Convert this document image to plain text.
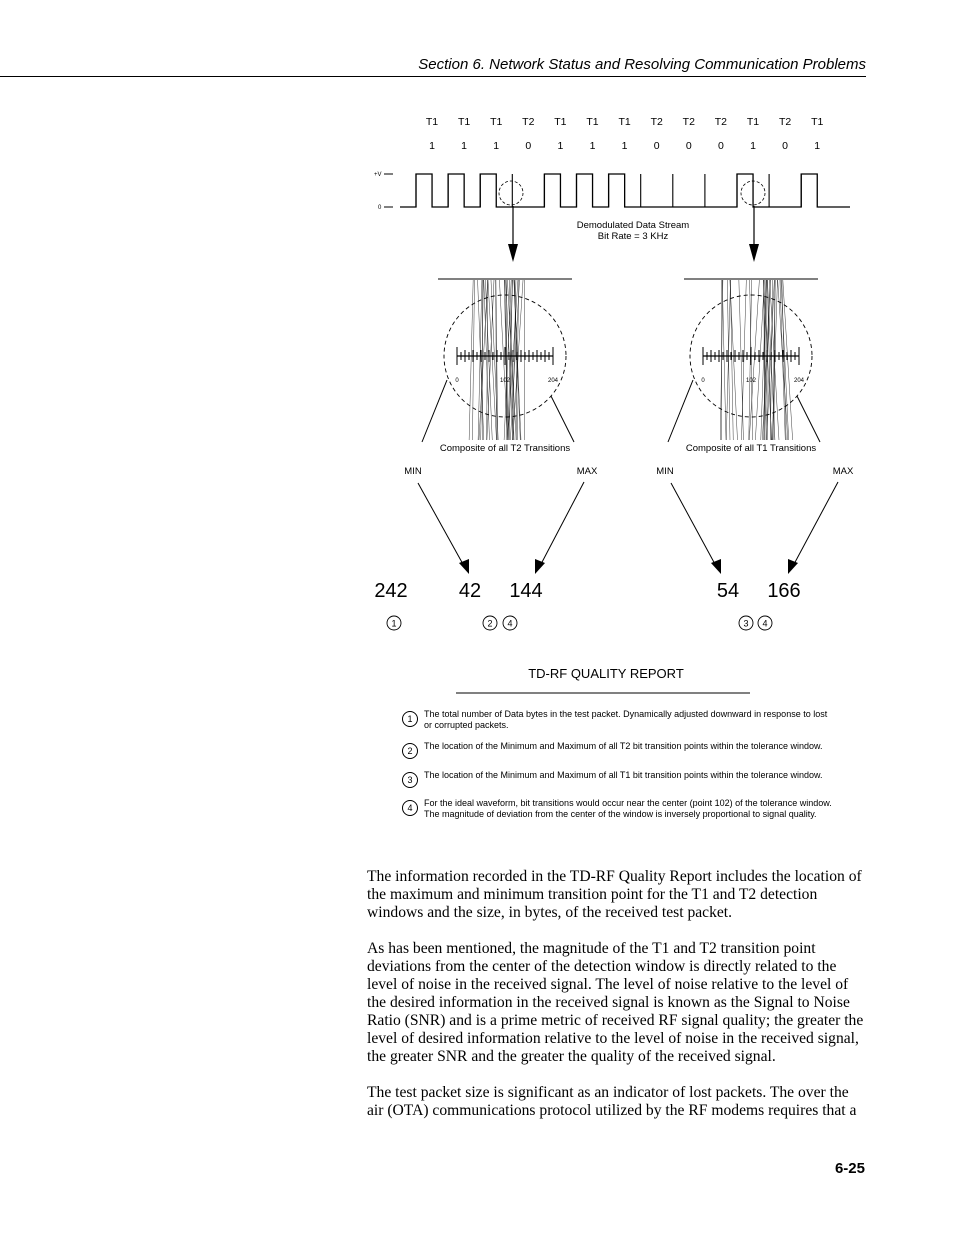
Section 6. Network Status and Resolving Communication Problems
T1 T1 T1 T2 T1 T1 T1 T2 T2 T2 T1 T2 T1
1	1	1	0	1	1	1	0	0	0	1	0	1
+V
0
Demodulated Data Stream
Bit Rate = 3 KHz
0	102	204	0	102	204
Composite of all T2 Transitions	Composite of all T1 Transitions
MIN	MAX	MIN	MAX
242	42 144	54 166
1	2 4	3 4
TD-RF QUALITY REPORT
1	The total number of Data bytes in the test packet. Dynamically adjusted downward in response to lost or corrupted packets.
2	The location of the Minimum and Maximum of all T2 bit transition points within the tolerance window.
3	The location of the Minimum and Maximum of all T1 bit transition points within the tolerance window.
4	For the ideal waveform, bit transitions would occur near the center (point 102) of the tolerance window. The magnitude of deviation from the center of the window is inversely proportional to signal quality.
The information recorded in the TD-RF Quality Report includes the location of the maximum and minimum transition point for the T1 and T2 detection windows and the size, in bytes, of the received test packet.
As has been mentioned, the magnitude of the T1 and T2 transition point deviations from the center of the detection window is directly related to the level of noise in the received signal. The level of noise relative to the level of the desired information in the received signal is known as the Signal to Noise Ratio (SNR) and is a prime metric of received RF signal quality; the greater the level of desired information relative to the level of noise in the received signal, the greater SNR and the greater the quality of the received signal.
The test packet size is significant as an indicator of lost packets. The over the air (OTA) communications protocol utilized by the RF modems requires that a
6-25
